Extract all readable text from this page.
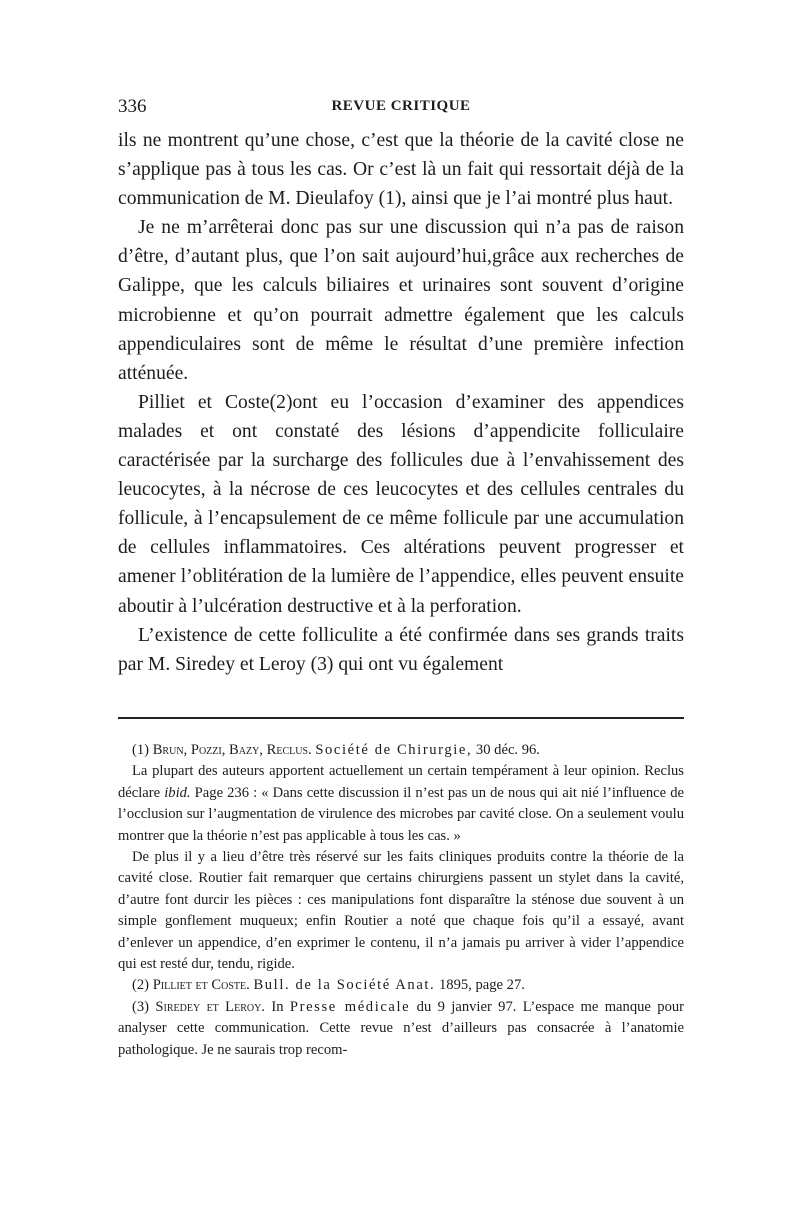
336	REVUE CRITIQUE

ils ne montrent qu’une chose, c’est que la théorie de la cavité close ne s’applique pas à tous les cas. Or c’est là un fait qui ressortait déjà de la communication de M. Dieulafoy (1), ainsi que je l’ai montré plus haut.

Je ne m’arrêterai donc pas sur une discussion qui n’a pas de raison d’être, d’autant plus, que l’on sait aujourd’hui,grâce aux recherches de Galippe, que les calculs biliaires et urinaires sont souvent d’origine microbienne et qu’on pourrait admettre également que les calculs appendiculaires sont de même le résultat d’une première infection atténuée.

Pilliet et Coste(2)ont eu l’occasion d’examiner des appendices malades et ont constaté des lésions d’appendicite folliculaire caractérisée par la surcharge des follicules due à l’envahissement des leucocytes, à la nécrose de ces leucocytes et des cellules centrales du follicule, à l’encapsulement de ce même follicule par une accumulation de cellules inflammatoires. Ces altérations peuvent progresser et amener l’oblitération de la lumière de l’appendice, elles peuvent ensuite aboutir à l’ulcération destructive et à la perforation.

L’existence de cette folliculite a été confirmée dans ses grands traits par M. Siredey et Leroy (3) qui ont vu également

(1) Brun, Pozzi, Bazy, Reclus. Société de Chirurgie, 30 déc. 96.

La plupart des auteurs apportent actuellement un certain tempérament à leur opinion. Reclus déclare ibid. Page 236 : « Dans cette discussion il n’est pas un de nous qui ait nié l’influence de l’occlusion sur l’augmentation de virulence des microbes par cavité close. On a seulement voulu montrer que la théorie n’est pas applicable à tous les cas. »

De plus il y a lieu d’être très réservé sur les faits cliniques produits contre la théorie de la cavité close. Routier fait remarquer que certains chirurgiens passent un stylet dans la cavité, d’autre font durcir les pièces : ces manipulations font disparaître la sténose due souvent à un simple gonflement muqueux; enfin Routier a noté que chaque fois qu’il a essayé, avant d’enlever un appendice, d’en exprimer le contenu, il n’a jamais pu arriver à vider l’appendice qui est resté dur, tendu, rigide.

(2) Pilliet et Coste. Bull. de la Société Anat. 1895, page 27.

(3) Siredey et Leroy. In Presse médicale du 9 janvier 97. L’espace me manque pour analyser cette communication. Cette revue n’est d’ailleurs pas consacrée à l’anatomie pathologique. Je ne saurais trop recom-
